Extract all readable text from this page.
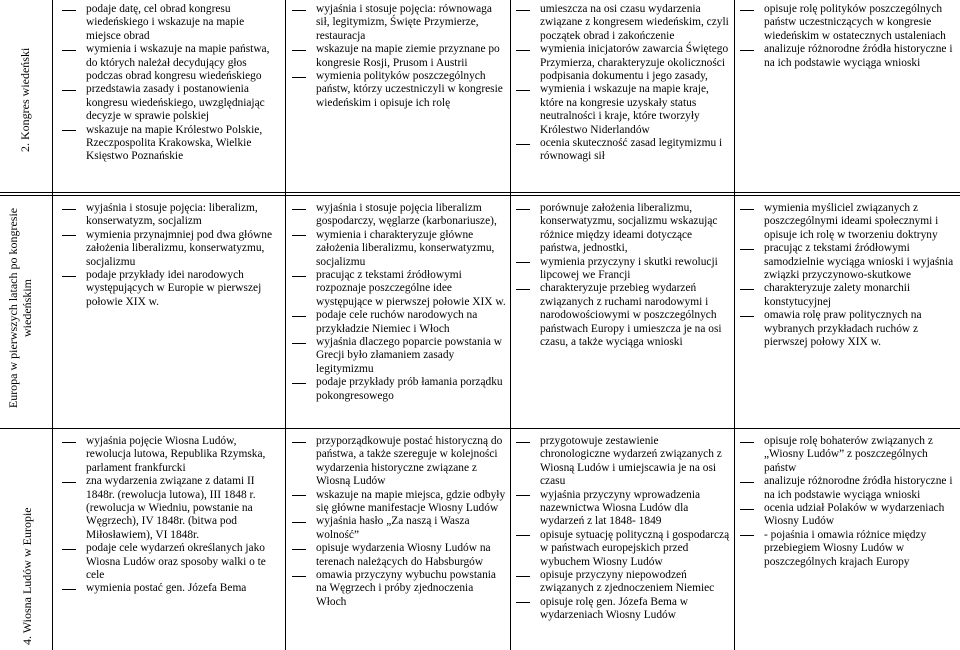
2. Kongres wiedeński
podaje datę, cel obrad kongresu wiedeńskiego i wskazuje na mapie miejsce obrad
wymienia i wskazuje na mapie państwa, do których należał decydujący głos podczas obrad kongresu wiedeńskiego
przedstawia zasady i postanowienia kongresu wiedeńskiego, uwzględniając decyzje w sprawie polskiej
wskazuje na mapie Królestwo Polskie, Rzeczpospolita Krakowska, Wielkie Księstwo Poznańskie
wyjaśnia i stosuje pojęcia: równowaga sił, legitymizm, Święte Przymierze, restauracja
wskazuje na mapie ziemie przyznane po kongresie Rosji, Prusom i Austrii
wymienia polityków poszczególnych państw, którzy uczestniczyli w kongresie wiedeńskim i opisuje ich rolę
umieszcza na osi czasu wydarzenia związane z kongresem wiedeńskim, czyli początek obrad i zakończenie
wymienia inicjatorów zawarcia Świętego Przymierza, charakteryzuje okoliczności podpisania dokumentu i jego zasady,
wymienia i wskazuje na mapie kraje, które na kongresie uzyskały status neutralności i kraje, które tworzyły Królestwo Niderlandów
ocenia skuteczność zasad legitymizmu i równowagi sił
opisuje rolę polityków poszczególnych państw uczestniczących w kongresie wiedeńskim w ostatecznych ustaleniach
analizuje różnorodne źródła historyczne i na ich podstawie wyciąga wnioski
Europa w pierwszych latach po kongresie wiedeńskim
wyjaśnia i stosuje pojęcia: liberalizm, konserwatyzm, socjalizm
wymienia przynajmniej pod dwa główne założenia liberalizmu, konserwatyzmu, socjalizmu
podaje przykłady idei narodowych występujących w Europie w pierwszej połowie XIX w.
wyjaśnia i stosuje pojęcia liberalizm gospodarczy, węglarze (karbonariusze),
wymienia i charakteryzuje główne założenia liberalizmu, konserwatyzmu, socjalizmu
pracując z tekstami źródłowymi rozpoznaje poszczególne idee występujące w pierwszej połowie XIX w.
podaje cele ruchów narodowych na przykładzie Niemiec i Włoch
wyjaśnia dlaczego poparcie powstania w Grecji było złamaniem zasady legitymizmu
podaje przykłady prób łamania porządku pokongresowego
porównuje założenia liberalizmu, konserwatyzmu, socjalizmu wskazując różnice między ideami dotyczące państwa, jednostki,
wymienia przyczyny i skutki rewolucji lipcowej we Francji
charakteryzuje przebieg wydarzeń związanych z ruchami narodowymi i narodowościowymi w poszczególnych państwach Europy i umieszcza je na osi czasu, a także wyciąga wnioski
wymienia myśliciel związanych z poszczególnymi ideami społecznymi i opisuje ich rolę w tworzeniu doktryny
pracując z tekstami źródłowymi samodzielnie wyciąga wnioski i wyjaśnia związki przyczynowo-skutkowe
charakteryzuje zalety monarchii konstytucyjnej
omawia rolę praw politycznych na wybranych przykładach ruchów z pierwszej połowy XIX w.
4. Wiosna Ludów w Europie
wyjaśnia pojęcie Wiosna Ludów, rewolucja lutowa, Republika Rzymska, parlament frankfurcki
zna wydarzenia związane z datami II 1848r. (rewolucja lutowa), III 1848 r. (rewolucja w Wiedniu, powstanie na Węgrzech), IV 1848r. (bitwa pod Miłosławiem), VI 1848r.
podaje cele wydarzeń określanych jako Wiosna Ludów oraz sposoby walki o te cele
wymienia postać gen. Józefa Bema
przyporządkowuje postać historyczną do państwa, a także szereguje w kolejności wydarzenia historyczne związane z Wiosną Ludów
wskazuje na mapie miejsca, gdzie odbyły się główne manifestacje Wiosny Ludów
wyjaśnia hasło „Za naszą i Wasza wolność”
opisuje wydarzenia Wiosny Ludów na terenach należących do Habsburgów
omawia przyczyny wybuchu powstania na Węgrzech i próby zjednoczenia Włoch
przygotowuje zestawienie chronologiczne wydarzeń związanych z Wiosną Ludów i umiejscawia je na osi czasu
wyjaśnia przyczyny wprowadzenia nazewnictwa Wiosna Ludów dla wydarzeń z lat 1848- 1849
opisuje sytuację polityczną i gospodarczą w państwach europejskich przed wybuchem Wiosny Ludów
opisuje przyczyny niepowodzeń związanych z zjednoczeniem Niemiec
opisuje rolę gen. Józefa Bema w wydarzeniach Wiosny Ludów
opisuje rolę bohaterów związanych z „Wiosny Ludów” z poszczególnych państw
analizuje różnorodne źródła historyczne i na ich podstawie wyciąga wnioski
ocenia udział Polaków w wydarzeniach Wiosny Ludów
- pojaśnia i omawia różnice między przebiegiem Wiosny Ludów w poszczególnych krajach Europy
